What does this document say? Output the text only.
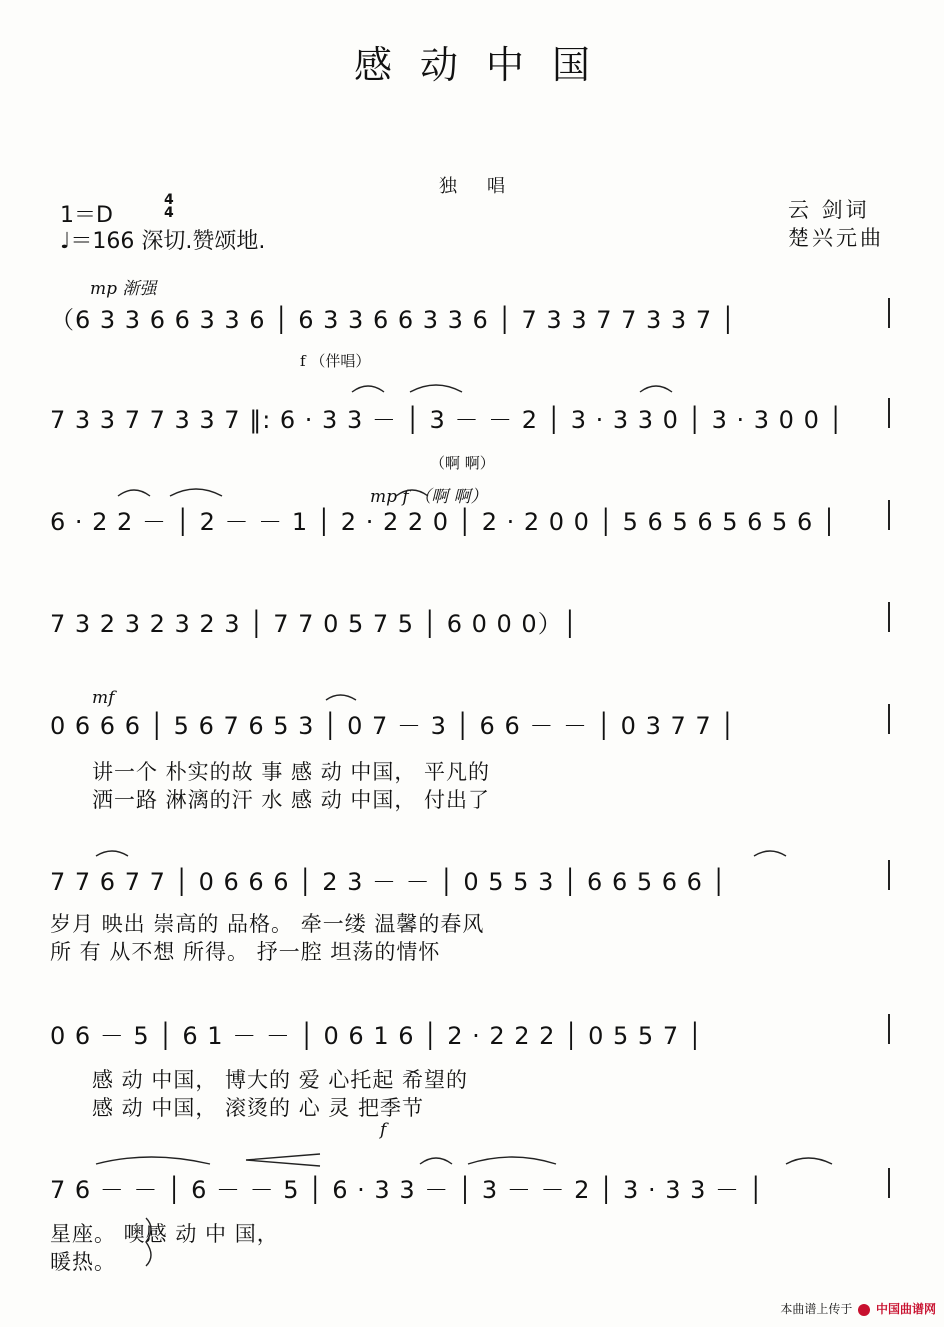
感动中国
独唱
1＝D
4
4
♩＝166 深切.赞颂地.
云 剑词
楚兴元曲
mp 渐强
（6 3 3 6 6 3 3 6 │ 6 3 3 6 6 3 3 6 │ 7 3 3 7 7 3 3 7 │
f （伴唱）
7 3 3 7 7 3 3 7 ‖: 6 · 3 3 － │ 3 － － 2 │ 3 · 3 3 0 │ 3 · 3 0 0 │
（啊 啊）
6 · 2 2 － │ 2 － － 1 │ 2 · 2 2 0 │ 2 · 2 0 0 │ 5 6 5 6 5 6 5 6 │
mp f （啊 啊）
7 3 2 3 2 3 2 3 │ 7 7 0 5 7 5 │ 6 0 0 0）│
mf
0 6 6 6 │ 5 6 7 6 5 3 │ 0 7 － 3 │ 6 6 － － │ 0 3 7 7 │
讲一个 朴实的故 事 感 动 中国， 平凡的
洒一路 淋漓的汗 水 感 动 中国， 付出了
7 7 6 7 7 │ 0 6 6 6 │ 2 3 － － │ 0 5 5 3 │ 6 6 5 6 6 │
岁月 映出 崇高的 品格。 牵一缕 温馨的春风
所 有 从不想 所得。 抒一腔 坦荡的情怀
0 6 － 5 │ 6 1 － － │ 0 6 1 6 │ 2 · 2 2 2 │ 0 5 5 7 │
感 动 中国， 博大的 爱 心托起 希望的
感 动 中国， 滚烫的 心 灵 把季节
f
7 6 － － │ 6 － － 5 │ 6 · 3 3 － │ 3 － － 2 │ 3 · 3 3 － │
星座。 噢感 动 中 国，
暖热。
本曲谱上传于 中国曲谱网
